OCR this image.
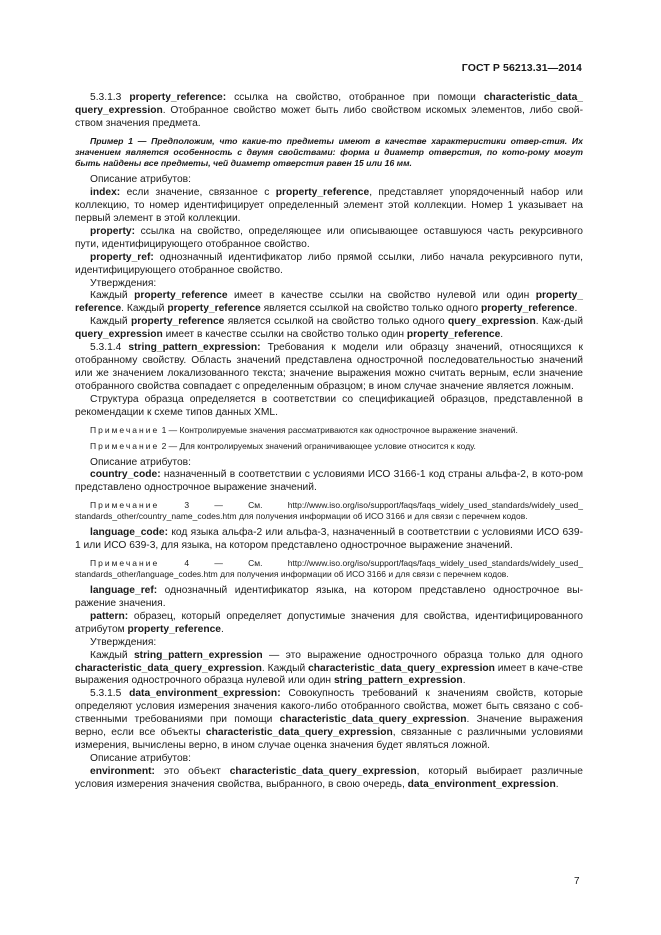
ГОСТ Р 56213.31—2014

5.3.1.3 property_reference: ссылка на свойство, отобранное при помощи characteristic_data_ query_expression. Отобранное свойство может быть либо свойством искомых элементов, либо свой-ством значения предмета.

Пример 1 — Предположим, что какие-то предметы имеют в качестве характеристики отвер-стия. Их значением является особенность с двумя свойствами: форма и диаметр отверстия, по кото-рому могут быть найдены все предметы, чей диаметр отверстия равен 15 или 16 мм.

Описание атрибутов:

index: если значение, связанное с property_reference, представляет упорядоченный набор или коллекцию, то номер идентифицирует определенный элемент этой коллекции. Номер 1 указывает на первый элемент в этой коллекции.

property: ссылка на свойство, определяющее или описывающее оставшуюся часть рекурсивного пути, идентифицирующего отобранное свойство.

property_ref: однозначный идентификатор либо прямой ссылки, либо начала рекурсивного пути, идентифицирующего отобранное свойство.

Утверждения:

Каждый property_reference имеет в качестве ссылки на свойство нулевой или один property_ reference. Каждый property_reference является ссылкой на свойство только одного property_reference.

Каждый property_reference является ссылкой на свойство только одного query_expression. Каж-дый query_expression имеет в качестве ссылки на свойство только один property_reference.

5.3.1.4 string_pattern_expression: Требования к модели или образцу значений, относящихся к отобранному свойству. Область значений представлена однострочной последовательностью значений или же значением локализованного текста; значение выражения можно считать верным, если значение отобранного свойства совпадает с определенным образцом; в ином случае значение является ложным.

Структура образца определяется в соответствии со спецификацией образцов, представленной в рекомендации к схеме типов данных XML.

Примечание 1 — Контролируемые значения рассматриваются как однострочное выражение значений.

Примечание 2 — Для контролируемых значений ограничивающее условие относится к коду.

Описание атрибутов:

country_code: назначенный в соответствии с условиями ИСО 3166-1 код страны альфа-2, в кото-ром представлено однострочное выражение значений.

Примечание 3 — См. http://www.iso.org/iso/support/faqs/faqs_widely_used_standards/widely_used_ standards_other/country_name_codes.htm для получения информации об ИСО 3166 и для связи с перечнем кодов.

language_code: код языка альфа-2 или альфа-3, назначенный в соответствии с условиями ИСО 639-1 или ИСО 639-3, для языка, на котором представлено однострочное выражение значений.

Примечание 4 — См. http://www.iso.org/iso/support/faqs/faqs_widely_used_standards/widely_used_ standards_other/language_codes.htm для получения информации об ИСО 3166 и для связи с перечнем кодов.

language_ref: однозначный идентификатор языка, на котором представлено однострочное вы-ражение значения.

pattern: образец, который определяет допустимые значения для свойства, идентифицированного атрибутом property_reference.

Утверждения:

Каждый string_pattern_expression — это выражение однострочного образца только для одного characteristic_data_query_expression. Каждый characteristic_data_query_expression имеет в каче-стве выражения однострочного образца нулевой или один string_pattern_expression.

5.3.1.5 data_environment_expression: Совокупность требований к значениям свойств, которые определяют условия измерения значения какого-либо отобранного свойства, может быть связано с соб-ственными требованиями при помощи characteristic_data_query_expression. Значение выражения верно, если все объекты characteristic_data_query_expression, связанные с различными условиями измерения, вычислены верно, в ином случае оценка значения будет являться ложной.

Описание атрибутов:

environment: это объект characteristic_data_query_expression, который выбирает различные условия измерения значения свойства, выбранного, в свою очередь, data_environment_expression.

7
